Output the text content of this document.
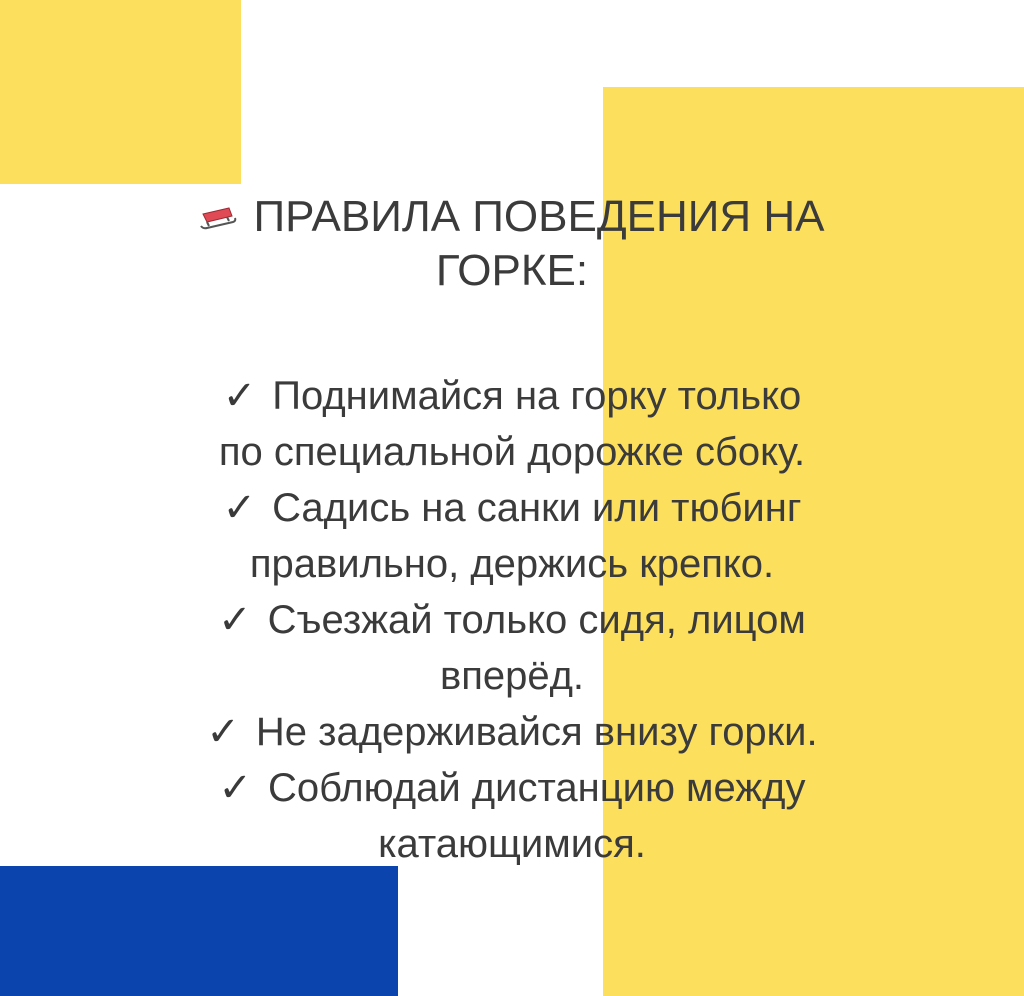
ПРАВИЛА ПОВЕДЕНИЯ НА
ГОРКЕ:

✓ Поднимайся на горку только
по специальной дорожке сбоку.

✓ Садись на санки или тюбинг
правильно, держись крепко.

✓ Съезжай только сидя, лицом
вперёд.

✓ Не задерживайся внизу горки.

✓ Соблюдай дистанцию между
катающимися.
